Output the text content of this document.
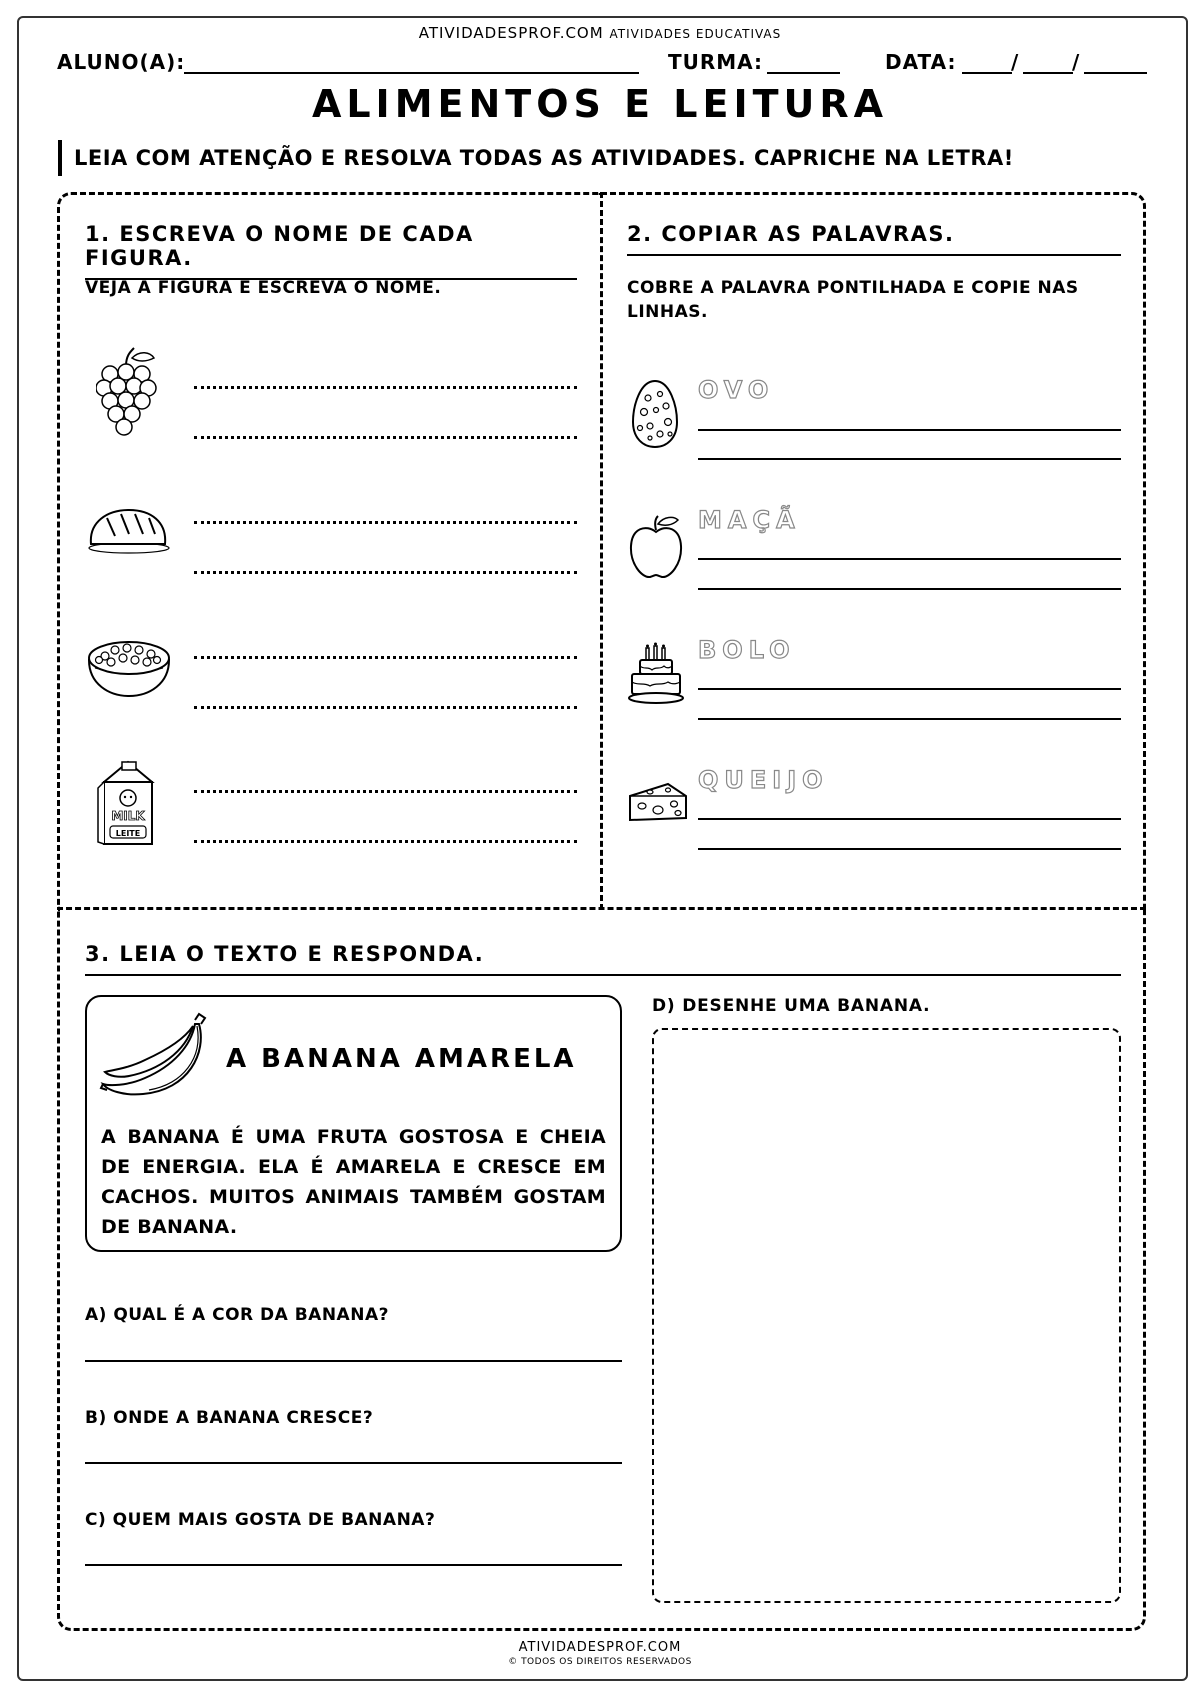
ATIVIDADESPROF.COM ATIVIDADES EDUCATIVAS
ALUNO(A):	TURMA:	DATA:	/	/
ALIMENTOS E LEITURA
LEIA COM ATENÇÃO E RESOLVA TODAS AS ATIVIDADES. CAPRICHE NA LETRA!
1. ESCREVA O NOME DE CADA FIGURA.
VEJA A FIGURA E ESCREVA O NOME.
MILK
LEITE
2. COPIAR AS PALAVRAS.
COBRE A PALAVRA PONTILHADA E COPIE NAS LINHAS.
OVO
MAÇÃ
BOLO
QUEIJO
3. LEIA O TEXTO E RESPONDA.
A BANANA AMARELA
A BANANA É UMA FRUTA GOSTOSA E CHEIA DE ENERGIA. ELA É AMARELA E CRESCE EM CACHOS. MUITOS ANIMAIS TAMBÉM GOSTAM DE BANANA.
A) QUAL É A COR DA BANANA?
B) ONDE A BANANA CRESCE?
C) QUEM MAIS GOSTA DE BANANA?
D) DESENHE UMA BANANA.
ATIVIDADESPROF.COM
© TODOS OS DIREITOS RESERVADOS
